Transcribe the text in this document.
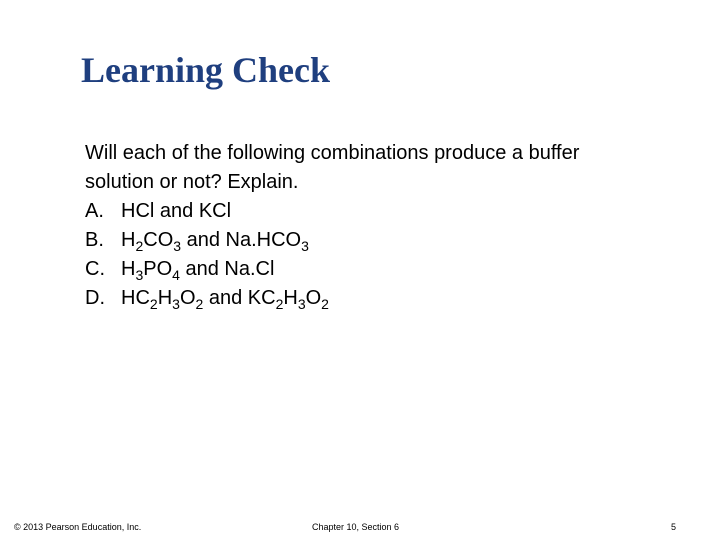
Learning Check
Will each of the following combinations produce a buffer
solution or not? Explain.
A. HCl and KCl
B. $H_2CO_3$ and $Na.HCO_3$
C. $H_3PO_4$ and Na.Cl
D. $HC_2H_3O_2$ and $KC_2H_3O_2$
© 2013 Pearson Education, Inc.	Chapter 10, Section 6	5
